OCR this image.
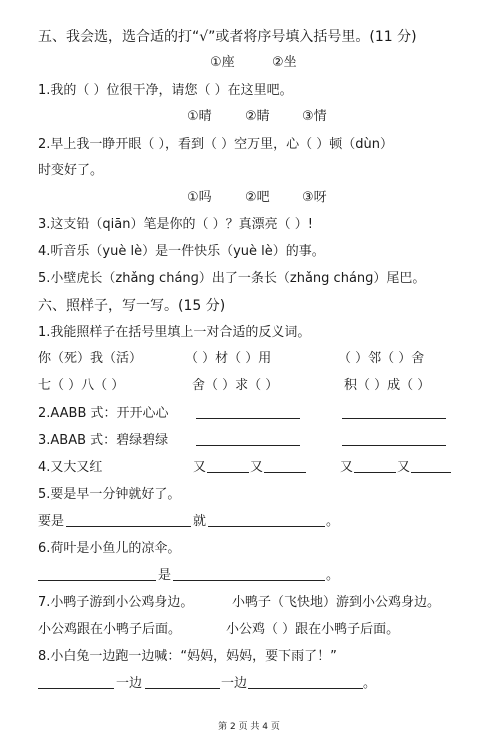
五、我会选，选合适的打“√”或者将序号填入括号里。(11 分)
①座	②坐
1.我的（ ）位很干净，请您（ ）在这里吧。
①晴	②睛 ③情
2.早上我一睁开眼（ ），看到（ ）空万里，心（ ）顿（dùn）
时变好了。
①吗	②吧 ③呀
3.这支铅（qiān）笔是你的（ ）？真漂亮（ ）!
4.听音乐（yuè lè）是一件快乐（yuè lè）的事。
5.小壁虎长（zhǎng chánɡ）出了一条长（zhǎng chánɡ）尾巴。
六、照样子，写一写。(15 分)
1.我能照样子在括号里填上一对合适的反义词。
你（死）我（活）	（ ）材（ ）用	（ ）邻（ ）舍
七（ ）八（ ）	舍（ ）求（ ）	积（ ）成（ ）
2.AABB 式：开开心心
3.ABAB 式：碧绿碧绿
4.又大又红	又	又	又	又
5.要是早一分钟就好了。
要是	就	。
6.荷叶是小鱼儿的凉伞。
是	。
7.小鸭子游到小公鸡身边。	小鸭子（飞快地）游到小公鸡身边。
小公鸡跟在小鸭子后面。	小公鸡（ ）跟在小鸭子后面。
8.小白兔一边跑一边喊：“妈妈，妈妈，要下雨了！”
一边	一边	。
第 2 页 共 4 页
